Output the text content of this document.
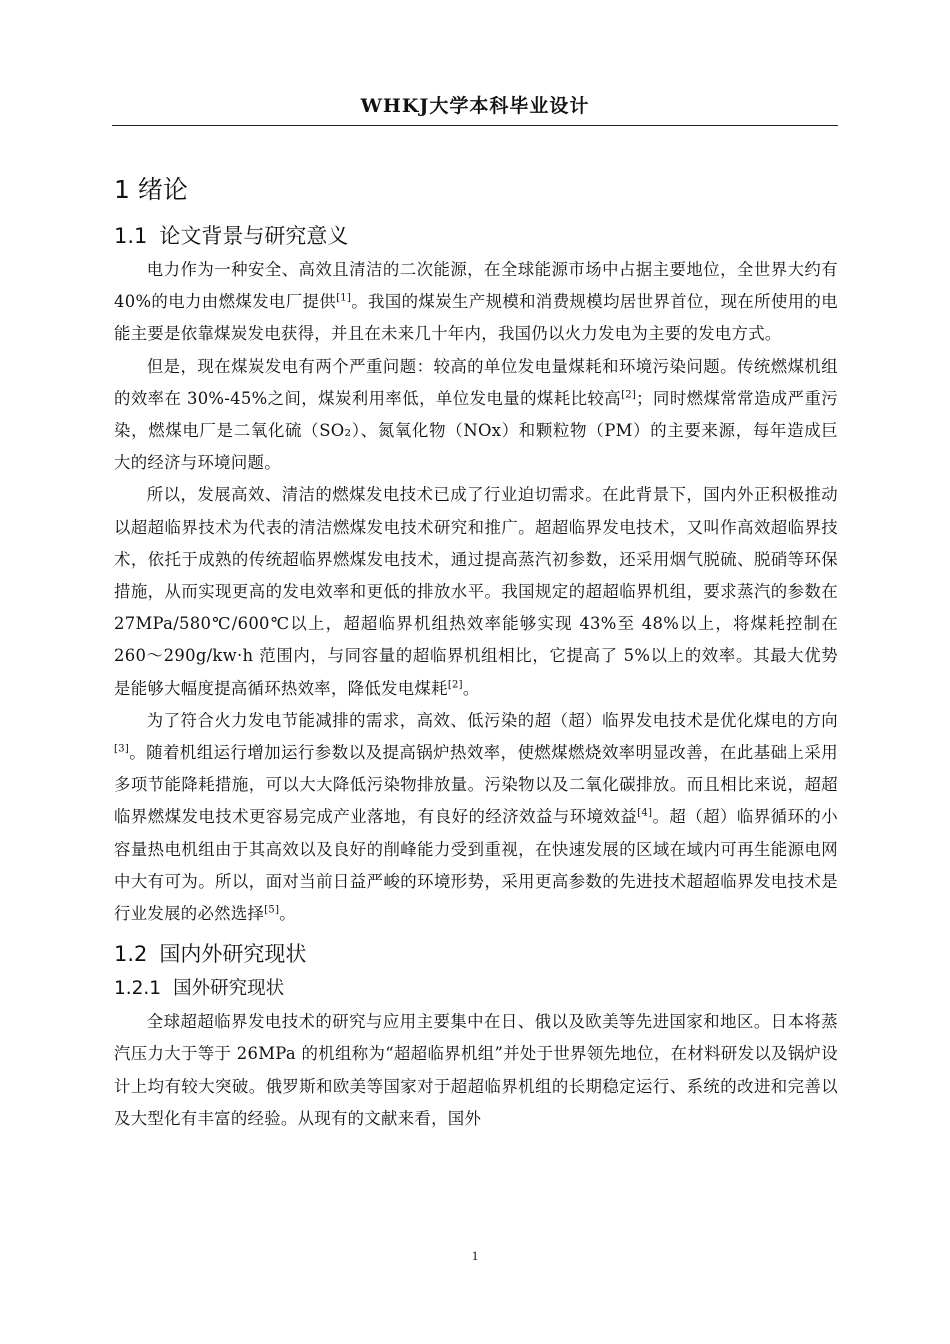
WHKJ大学本科毕业设计
1 绪论
1.1 论文背景与研究意义

电力作为一种安全、高效且清洁的二次能源，在全球能源市场中占据主要地位，全世界大约有 40%的电力由燃煤发电厂提供[1]。我国的煤炭生产规模和消费规模均居世界首位，现在所使用的电能主要是依靠煤炭发电获得，并且在未来几十年内，我国仍以火力发电为主要的发电方式。

但是，现在煤炭发电有两个严重问题：较高的单位发电量煤耗和环境污染问题。传统燃煤机组的效率在 30%-45%之间，煤炭利用率低，单位发电量的煤耗比较高[2]；同时燃煤常常造成严重污染，燃煤电厂是二氧化硫（SO₂）、氮氧化物（NOx）和颗粒物（PM）的主要来源，每年造成巨大的经济与环境问题。

所以，发展高效、清洁的燃煤发电技术已成了行业迫切需求。在此背景下，国内外正积极推动以超超临界技术为代表的清洁燃煤发电技术研究和推广。超超临界发电技术，又叫作高效超临界技术，依托于成熟的传统超临界燃煤发电技术，通过提高蒸汽初参数，还采用烟气脱硫、脱硝等环保措施，从而实现更高的发电效率和更低的排放水平。我国规定的超超临界机组，要求蒸汽的参数在 27MPa/580℃/600℃以上，超超临界机组热效率能够实现 43%至 48%以上，将煤耗控制在 260～290g/kw·h 范围内，与同容量的超临界机组相比，它提高了 5%以上的效率。其最大优势是能够大幅度提高循环热效率，降低发电煤耗[2]。

为了符合火力发电节能减排的需求，高效、低污染的超（超）临界发电技术是优化煤电的方向[3]。随着机组运行增加运行参数以及提高锅炉热效率，使燃煤燃烧效率明显改善，在此基础上采用多项节能降耗措施，可以大大降低污染物排放量。污染物以及二氧化碳排放。而且相比来说，超超临界燃煤发电技术更容易完成产业落地，有良好的经济效益与环境效益[4]。超（超）临界循环的小容量热电机组由于其高效以及良好的削峰能力受到重视，在快速发展的区域在域内可再生能源电网中大有可为。所以，面对当前日益严峻的环境形势，采用更高参数的先进技术超超临界发电技术是行业发展的必然选择[5]。

1.2 国内外研究现状
1.2.1 国外研究现状

全球超超临界发电技术的研究与应用主要集中在日、俄以及欧美等先进国家和地区。日本将蒸汽压力大于等于 26MPa 的机组称为“超超临界机组”并处于世界领先地位，在材料研发以及锅炉设计上均有较大突破。俄罗斯和欧美等国家对于超超临界机组的长期稳定运行、系统的改进和完善以及大型化有丰富的经验。从现有的文献来看，国外

1
